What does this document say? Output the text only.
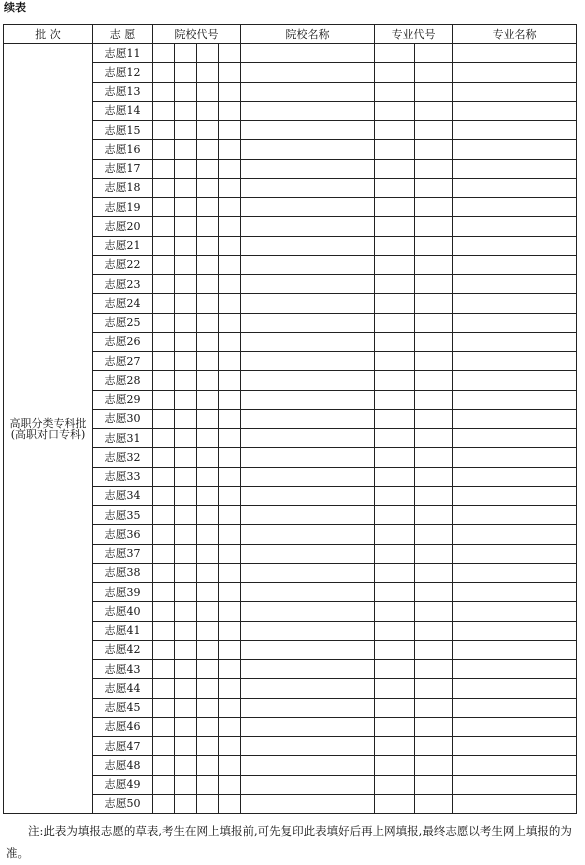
续表
批 次	志 愿	院校代号				院校名称	专业代号		专业名称

高职分类专科批
(高职对口专科)	志愿11								
	志愿12								
	志愿13								
	志愿14								
	志愿15								
	志愿16								
	志愿17								
	志愿18								
	志愿19								
	志愿20								
	志愿21								
	志愿22								
	志愿23								
	志愿24								
	志愿25								
	志愿26								
	志愿27								
	志愿28								
	志愿29								
	志愿30								
	志愿31								
	志愿32								
	志愿33								
	志愿34								
	志愿35								
	志愿36								
	志愿37								
	志愿38								
	志愿39								
	志愿40								
	志愿41								
	志愿42								
	志愿43								
	志愿44								
	志愿45								
	志愿46								
	志愿47								
	志愿48								
	志愿49								
	志愿50								
注:此表为填报志愿的草表,考生在网上填报前,可先复印此表填好后再上网填报,最终志愿以考生网上填报的为准。
